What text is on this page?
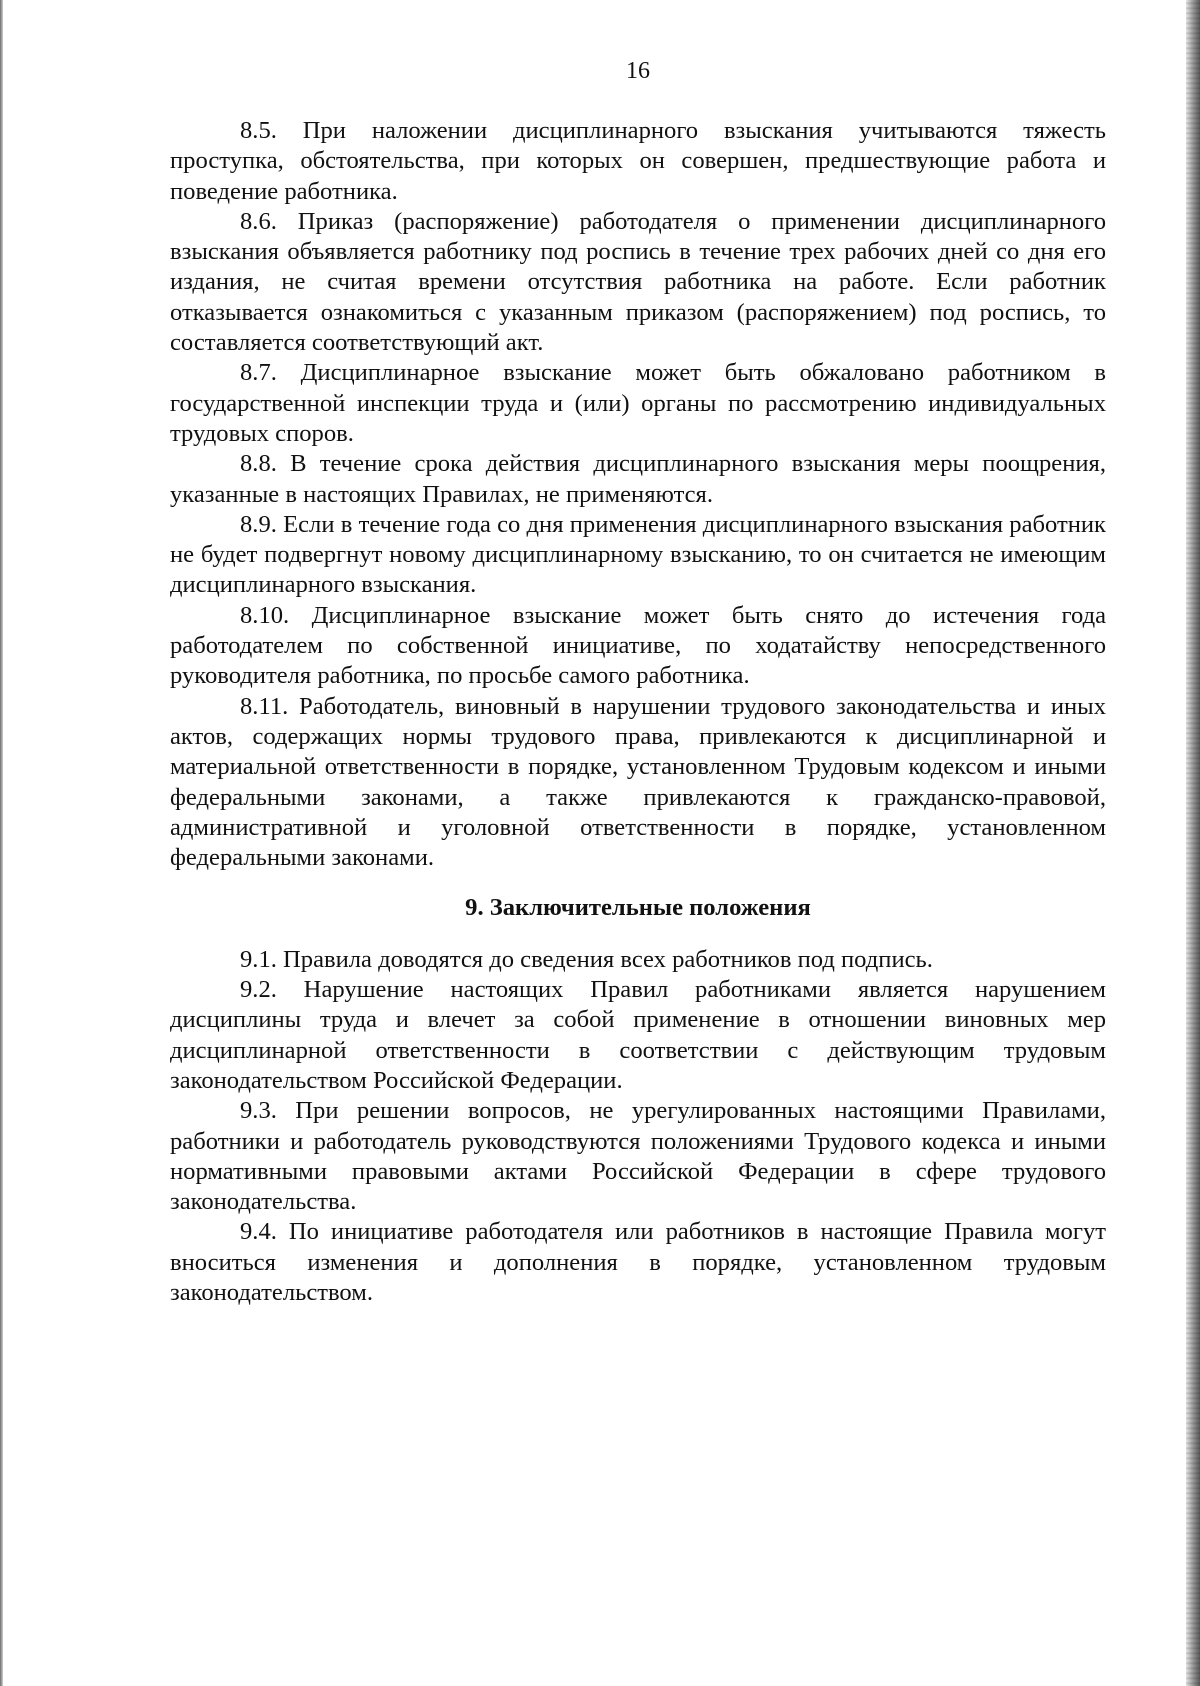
16

8.5. При наложении дисциплинарного взыскания учитываются тяжесть проступка, обстоятельства, при которых он совершен, предшествующие работа и поведение работника.

8.6. Приказ (распоряжение) работодателя о применении дисциплинарного взыскания объявляется работнику под роспись в течение трех рабочих дней со дня его издания, не считая времени отсутствия работника на работе. Если работник отказывается ознакомиться с указанным приказом (распоряжением) под роспись, то составляется соответствующий акт.

8.7. Дисциплинарное взыскание может быть обжаловано работником в государственной инспекции труда и (или) органы по рассмотрению индивидуальных трудовых споров.

8.8. В течение срока действия дисциплинарного взыскания меры поощрения, указанные в настоящих Правилах, не применяются.

8.9. Если в течение года со дня применения дисциплинарного взыскания работник не будет подвергнут новому дисциплинарному взысканию, то он считается не имеющим дисциплинарного взыскания.

8.10. Дисциплинарное взыскание может быть снято до истечения года работодателем по собственной инициативе, по ходатайству непосредственного руководителя работника, по просьбе самого работника.

8.11. Работодатель, виновный в нарушении трудового законодательства и иных актов, содержащих нормы трудового права, привлекаются к дисциплинарной и материальной ответственности в порядке, установленном Трудовым кодексом и иными федеральными законами, а также привлекаются к гражданско-правовой, административной и уголовной ответственности в порядке, установленном федеральными законами.

9. Заключительные положения

9.1. Правила доводятся до сведения всех работников под подпись.

9.2. Нарушение настоящих Правил работниками является нарушением дисциплины труда и влечет за собой применение в отношении виновных мер дисциплинарной ответственности в соответствии с действующим трудовым законодательством Российской Федерации.

9.3. При решении вопросов, не урегулированных настоящими Правилами, работники и работодатель руководствуются положениями Трудового кодекса и иными нормативными правовыми актами Российской Федерации в сфере трудового законодательства.

9.4. По инициативе работодателя или работников в настоящие Правила могут вноситься изменения и дополнения в порядке, установленном трудовым законодательством.
